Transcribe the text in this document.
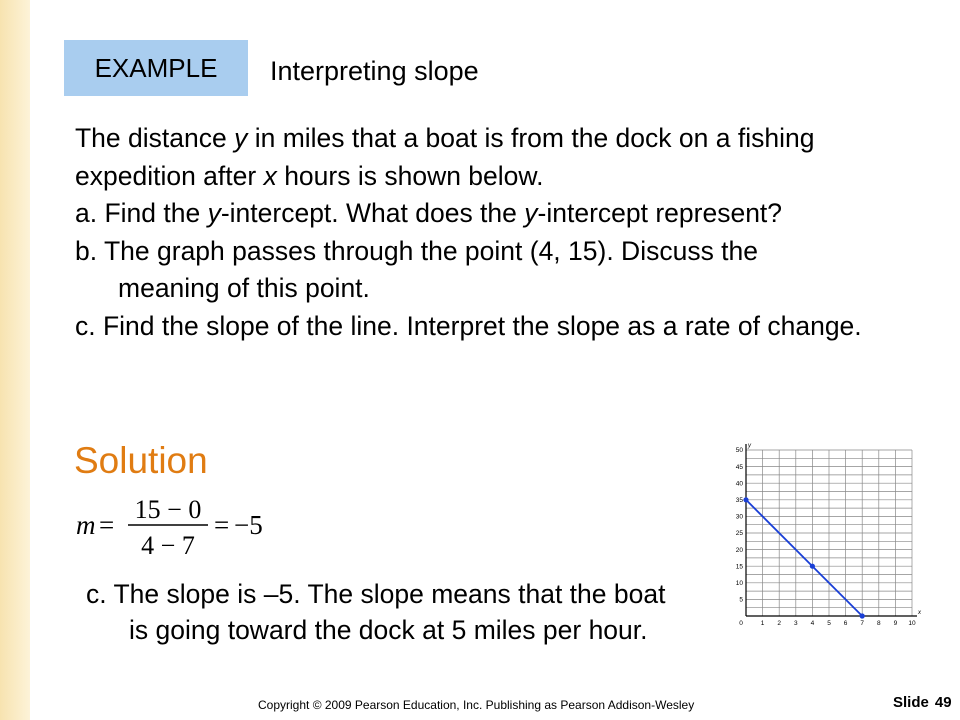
EXAMPLE	Interpreting slope

The distance y in miles that a boat is from the dock on a fishing expedition after x hours is shown below.

a. Find the y-intercept. What does the y-intercept represent?

b. The graph passes through the point (4, 15). Discuss the meaning of this point.

c. Find the slope of the line. Interpret the slope as a rate of change.

Solution
m =
15 − 0
4 − 7
= −5

c. The slope is –5. The slope means that the boat is going toward the dock at 5 miles per hour.

x
y
0	1 2 3 4 5 6 7 8 9 10
5
10
15
20
25
30
35
40
45
50
Copyright © 2009 Pearson Education, Inc. Publishing as Pearson Addison-Wesley	Slide 49
